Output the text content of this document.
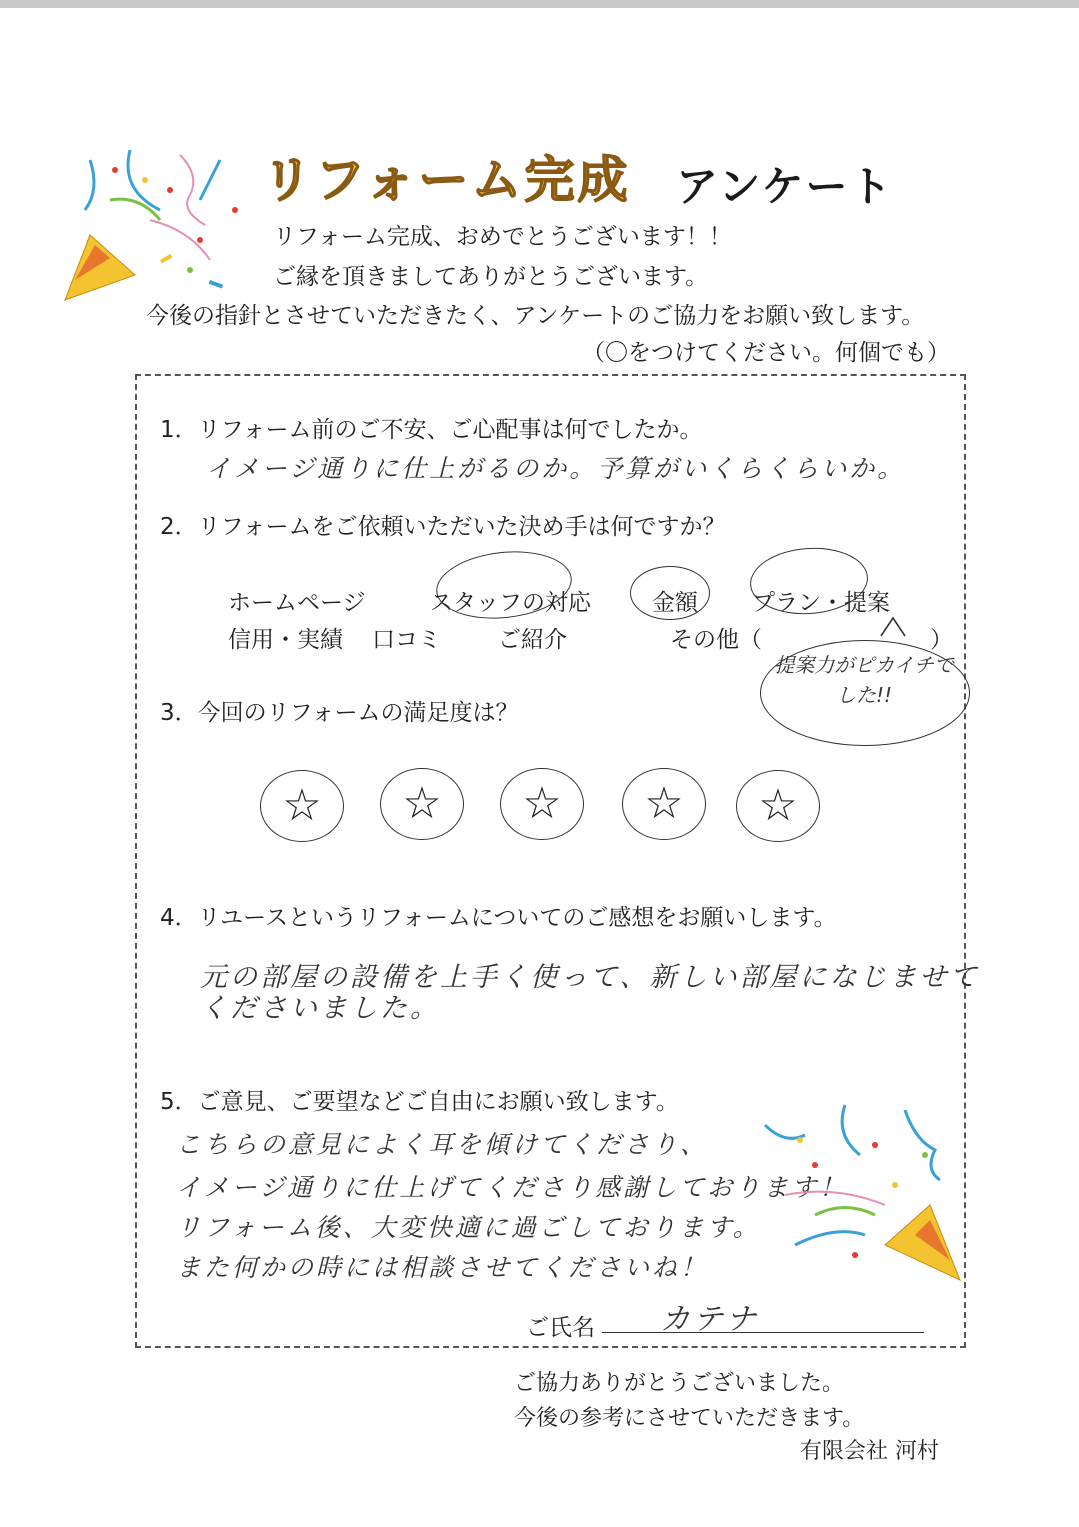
リフォーム完成 アンケート
リフォーム完成、おめでとうございます！！
ご縁を頂きましてありがとうございます。
今後の指針とさせていただきたく、アンケートのご協力をお願い致します。
（〇をつけてください。何個でも）
1．リフォーム前のご不安、ご心配事は何でしたか。
イメージ通りに仕上がるのか。予算がいくらくらいか。
2．リフォームをご依頼いただいた決め手は何ですか？
ホームページ	スタッフの対応	金額 プラン・提案
信用・実績 口コミ ご紹介	その他（	）
提案力がピカイチでした!!
3．今回のリフォームの満足度は？
☆ ☆ ☆ ☆ ☆
4．リユースというリフォームについてのご感想をお願いします。
元の部屋の設備を上手く使って、新しい部屋になじませて
くださいました。
5．ご意見、ご要望などご自由にお願い致します。
こちらの意見によく耳を傾けてくださり、
イメージ通りに仕上げてくださり感謝しております！
リフォーム後、大変快適に過ごしております。
また何かの時には相談させてくださいね！
ご氏名 カテナ
ご協力ありがとうございました。
今後の参考にさせていただきます。
有限会社 河村
